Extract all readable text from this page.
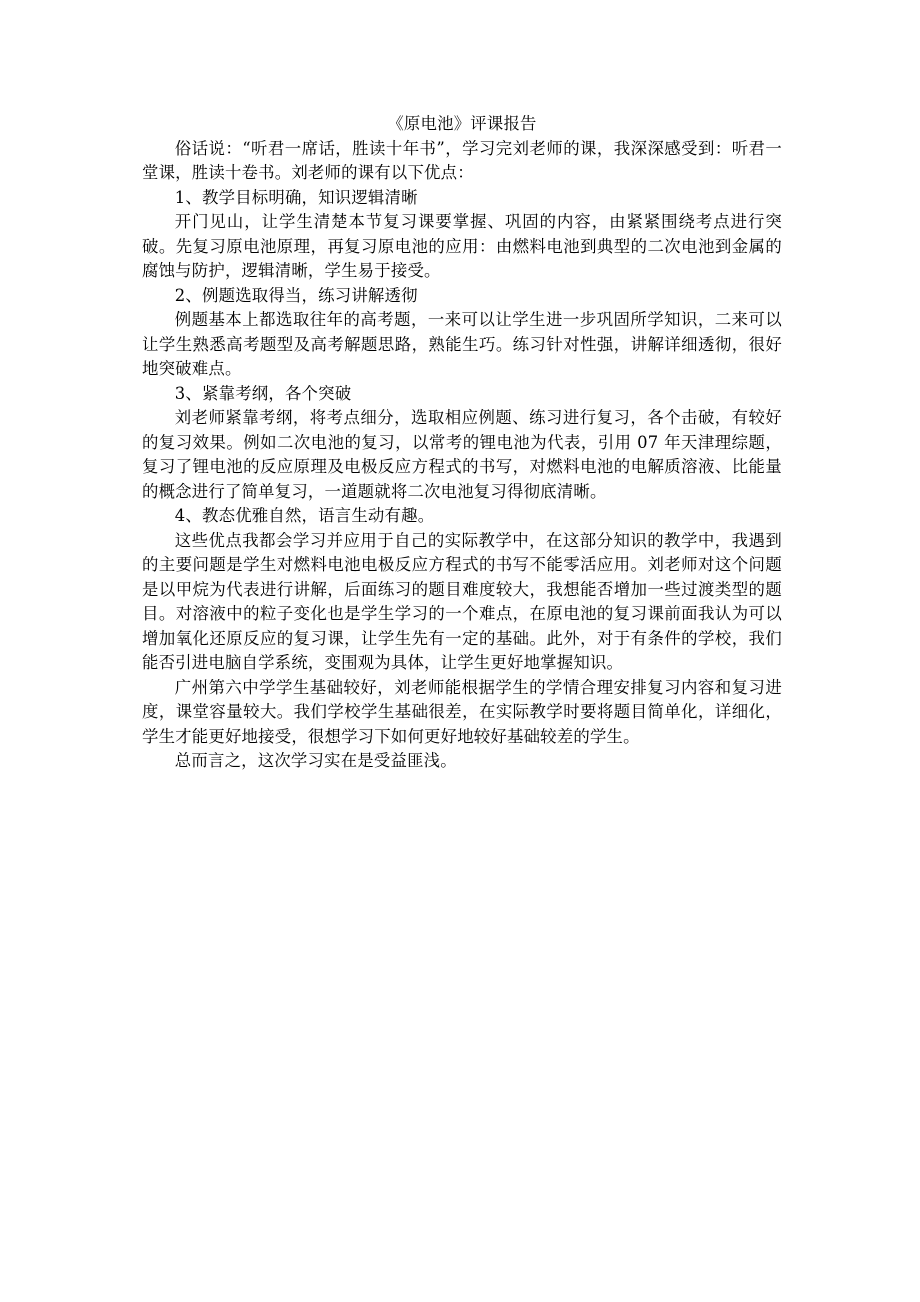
《原电池》评课报告

俗话说：“听君一席话，胜读十年书”，学习完刘老师的课，我深深感受到：听君一堂课，胜读十卷书。刘老师的课有以下优点：

1、教学目标明确，知识逻辑清晰

开门见山，让学生清楚本节复习课要掌握、巩固的内容，由紧紧围绕考点进行突破。先复习原电池原理，再复习原电池的应用：由燃料电池到典型的二次电池到金属的腐蚀与防护，逻辑清晰，学生易于接受。

2、例题选取得当，练习讲解透彻

例题基本上都选取往年的高考题，一来可以让学生进一步巩固所学知识，二来可以让学生熟悉高考题型及高考解题思路，熟能生巧。练习针对性强，讲解详细透彻，很好地突破难点。

3、紧靠考纲，各个突破

刘老师紧靠考纲，将考点细分，选取相应例题、练习进行复习，各个击破，有较好的复习效果。例如二次电池的复习，以常考的锂电池为代表，引用 07 年天津理综题，复习了锂电池的反应原理及电极反应方程式的书写，对燃料电池的电解质溶液、比能量的概念进行了简单复习，一道题就将二次电池复习得彻底清晰。

4、教态优雅自然，语言生动有趣。

这些优点我都会学习并应用于自己的实际教学中，在这部分知识的教学中，我遇到的主要问题是学生对燃料电池电极反应方程式的书写不能零活应用。刘老师对这个问题是以甲烷为代表进行讲解，后面练习的题目难度较大，我想能否增加一些过渡类型的题目。对溶液中的粒子变化也是学生学习的一个难点，在原电池的复习课前面我认为可以增加氧化还原反应的复习课，让学生先有一定的基础。此外，对于有条件的学校，我们能否引进电脑自学系统，变围观为具体，让学生更好地掌握知识。

广州第六中学学生基础较好，刘老师能根据学生的学情合理安排复习内容和复习进度，课堂容量较大。我们学校学生基础很差，在实际教学时要将题目简单化，详细化，学生才能更好地接受，很想学习下如何更好地较好基础较差的学生。

总而言之，这次学习实在是受益匪浅。
